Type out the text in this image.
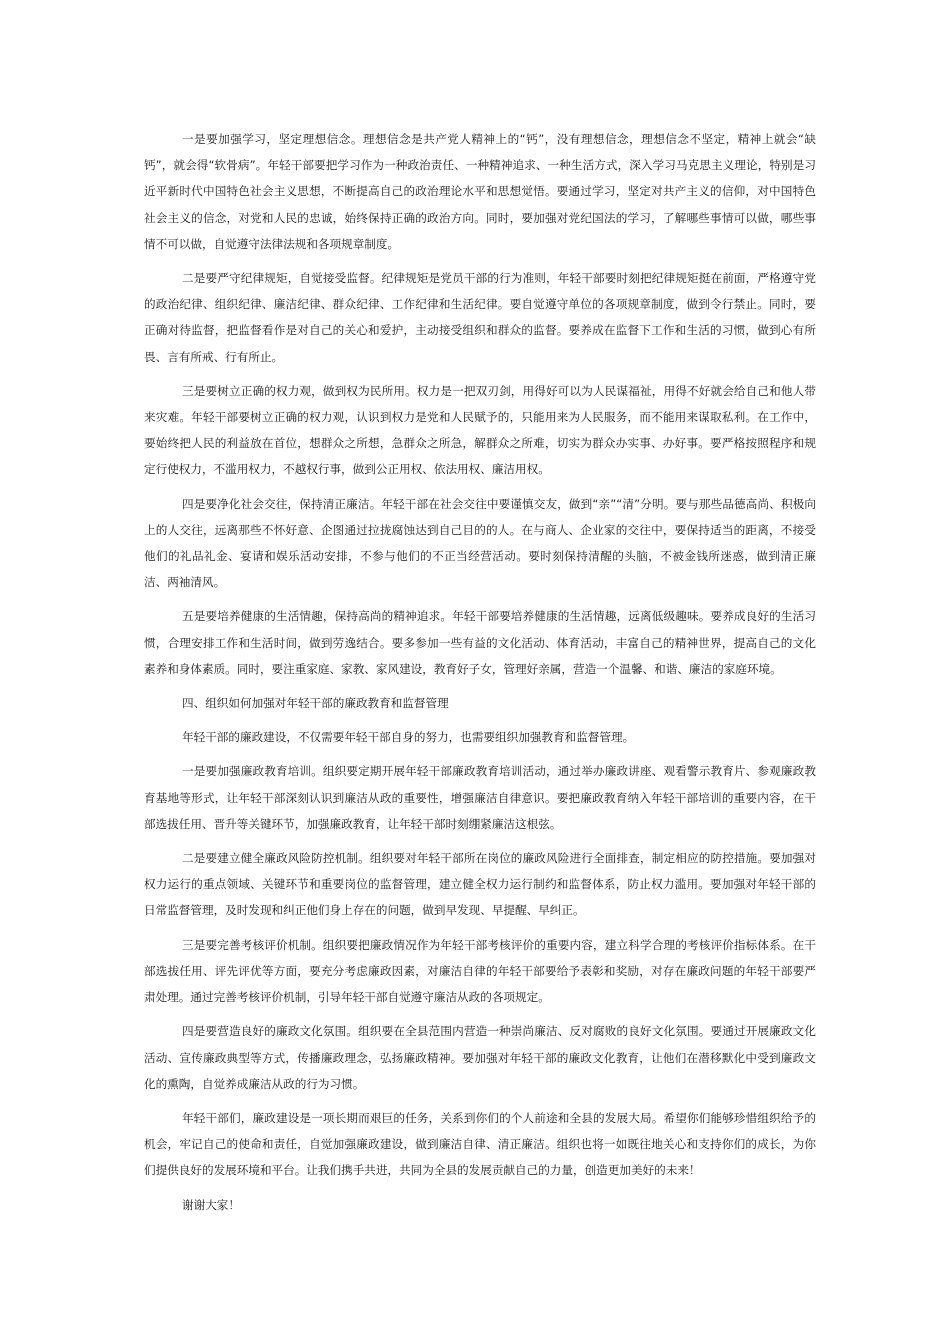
一是要加强学习，坚定理想信念。理想信念是共产党人精神上的“钙”，没有理想信念，理想信念不坚定，精神上就会“缺钙”，就会得“软骨病”。年轻干部要把学习作为一种政治责任、一种精神追求、一种生活方式，深入学习马克思主义理论，特别是习近平新时代中国特色社会主义思想，不断提高自己的政治理论水平和思想觉悟。要通过学习，坚定对共产主义的信仰，对中国特色社会主义的信念，对党和人民的忠诚，始终保持正确的政治方向。同时，要加强对党纪国法的学习，了解哪些事情可以做，哪些事情不可以做，自觉遵守法律法规和各项规章制度。

二是要严守纪律规矩，自觉接受监督。纪律规矩是党员干部的行为准则，年轻干部要时刻把纪律规矩挺在前面，严格遵守党的政治纪律、组织纪律、廉洁纪律、群众纪律、工作纪律和生活纪律。要自觉遵守单位的各项规章制度，做到令行禁止。同时，要正确对待监督，把监督看作是对自己的关心和爱护，主动接受组织和群众的监督。要养成在监督下工作和生活的习惯，做到心有所畏、言有所戒、行有所止。

三是要树立正确的权力观，做到权为民所用。权力是一把双刃剑，用得好可以为人民谋福祉，用得不好就会给自己和他人带来灾难。年轻干部要树立正确的权力观，认识到权力是党和人民赋予的，只能用来为人民服务，而不能用来谋取私利。在工作中，要始终把人民的利益放在首位，想群众之所想，急群众之所急，解群众之所难，切实为群众办实事、办好事。要严格按照程序和规定行使权力，不滥用权力，不越权行事，做到公正用权、依法用权、廉洁用权。

四是要净化社会交往，保持清正廉洁。年轻干部在社会交往中要谨慎交友，做到“亲”“清”分明。要与那些品德高尚、积极向上的人交往，远离那些不怀好意、企图通过拉拢腐蚀达到自己目的的人。在与商人、企业家的交往中，要保持适当的距离，不接受他们的礼品礼金、宴请和娱乐活动安排，不参与他们的不正当经营活动。要时刻保持清醒的头脑，不被金钱所迷惑，做到清正廉洁、两袖清风。

五是要培养健康的生活情趣，保持高尚的精神追求。年轻干部要培养健康的生活情趣，远离低级趣味。要养成良好的生活习惯，合理安排工作和生活时间，做到劳逸结合。要多参加一些有益的文化活动、体育活动，丰富自己的精神世界，提高自己的文化素养和身体素质。同时，要注重家庭、家教、家风建设，教育好子女，管理好亲属，营造一个温馨、和谐、廉洁的家庭环境。

四、组织如何加强对年轻干部的廉政教育和监督管理

年轻干部的廉政建设，不仅需要年轻干部自身的努力，也需要组织加强教育和监督管理。

一是要加强廉政教育培训。组织要定期开展年轻干部廉政教育培训活动，通过举办廉政讲座、观看警示教育片、参观廉政教育基地等形式，让年轻干部深刻认识到廉洁从政的重要性，增强廉洁自律意识。要把廉政教育纳入年轻干部培训的重要内容，在干部选拔任用、晋升等关键环节，加强廉政教育，让年轻干部时刻绷紧廉洁这根弦。

二是要建立健全廉政风险防控机制。组织要对年轻干部所在岗位的廉政风险进行全面排查，制定相应的防控措施。要加强对权力运行的重点领域、关键环节和重要岗位的监督管理，建立健全权力运行制约和监督体系，防止权力滥用。要加强对年轻干部的日常监督管理，及时发现和纠正他们身上存在的问题，做到早发现、早提醒、早纠正。

三是要完善考核评价机制。组织要把廉政情况作为年轻干部考核评价的重要内容，建立科学合理的考核评价指标体系。在干部选拔任用、评先评优等方面，要充分考虑廉政因素，对廉洁自律的年轻干部要给予表彰和奖励，对存在廉政问题的年轻干部要严肃处理。通过完善考核评价机制，引导年轻干部自觉遵守廉洁从政的各项规定。

四是要营造良好的廉政文化氛围。组织要在全县范围内营造一种崇尚廉洁、反对腐败的良好文化氛围。要通过开展廉政文化活动、宣传廉政典型等方式，传播廉政理念，弘扬廉政精神。要加强对年轻干部的廉政文化教育，让他们在潜移默化中受到廉政文化的熏陶，自觉养成廉洁从政的行为习惯。

年轻干部们，廉政建设是一项长期而艰巨的任务，关系到你们的个人前途和全县的发展大局。希望你们能够珍惜组织给予的机会，牢记自己的使命和责任，自觉加强廉政建设，做到廉洁自律、清正廉洁。组织也将一如既往地关心和支持你们的成长，为你们提供良好的发展环境和平台。让我们携手共进，共同为全县的发展贡献自己的力量，创造更加美好的未来！

谢谢大家！
